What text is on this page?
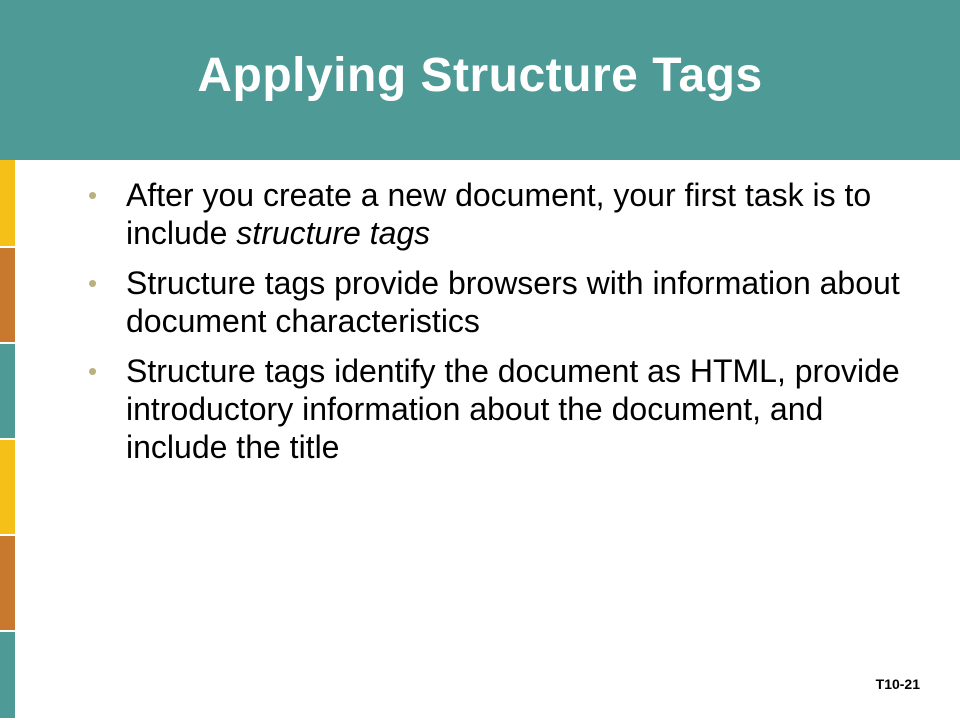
Applying Structure Tags
• After you create a new document, your first task is to include structure tags
• Structure tags provide browsers with information about document characteristics
• Structure tags identify the document as HTML, provide introductory information about the document, and include the title
T10-21
